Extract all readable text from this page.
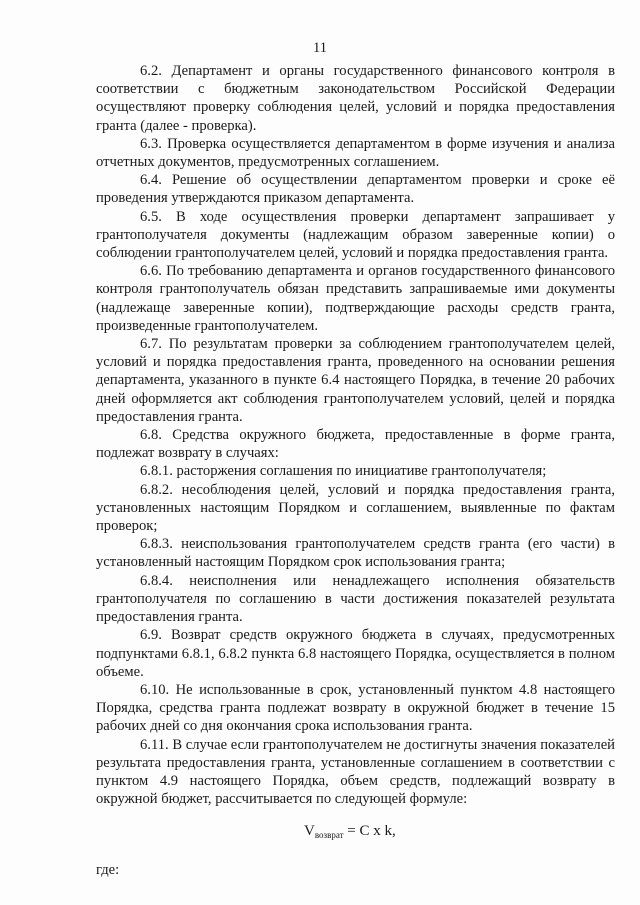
11

6.2. Департамент и органы государственного финансового контроля в соответствии с бюджетным законодательством Российской Федерации осуществляют проверку соблюдения целей, условий и порядка предоставления гранта (далее - проверка).

6.3. Проверка осуществляется департаментом в форме изучения и анализа отчетных документов, предусмотренных соглашением.

6.4. Решение об осуществлении департаментом проверки и сроке её проведения утверждаются приказом департамента.

6.5. В ходе осуществления проверки департамент запрашивает у грантополучателя документы (надлежащим образом заверенные копии) о соблюдении грантополучателем целей, условий и порядка предоставления гранта.

6.6. По требованию департамента и органов государственного финансового контроля грантополучатель обязан представить запрашиваемые ими документы (надлежаще заверенные копии), подтверждающие расходы средств гранта, произведенные грантополучателем.

6.7. По результатам проверки за соблюдением грантополучателем целей, условий и порядка предоставления гранта, проведенного на основании решения департамента, указанного в пункте 6.4 настоящего Порядка, в течение 20 рабочих дней оформляется акт соблюдения грантополучателем условий, целей и порядка предоставления гранта.

6.8. Средства окружного бюджета, предоставленные в форме гранта, подлежат возврату в случаях:

6.8.1. расторжения соглашения по инициативе грантополучателя;

6.8.2. несоблюдения целей, условий и порядка предоставления гранта, установленных настоящим Порядком и соглашением, выявленные по фактам проверок;

6.8.3. неиспользования грантополучателем средств гранта (его части) в установленный настоящим Порядком срок использования гранта;

6.8.4. неисполнения или ненадлежащего исполнения обязательств грантополучателя по соглашению в части достижения показателей результата предоставления гранта.

6.9. Возврат средств окружного бюджета в случаях, предусмотренных подпунктами 6.8.1, 6.8.2 пункта 6.8 настоящего Порядка, осуществляется в полном объеме.

6.10. Не использованные в срок, установленный пунктом 4.8 настоящего Порядка, средства гранта подлежат возврату в окружной бюджет в течение 15 рабочих дней со дня окончания срока использования гранта.

6.11. В случае если грантополучателем не достигнуты значения показателей результата предоставления гранта, установленные соглашением в соответствии с пунктом 4.9 настоящего Порядка, объем средств, подлежащий возврату в окружной бюджет, рассчитывается по следующей формуле:

$V_{возврат} = C$ x k,
где:
